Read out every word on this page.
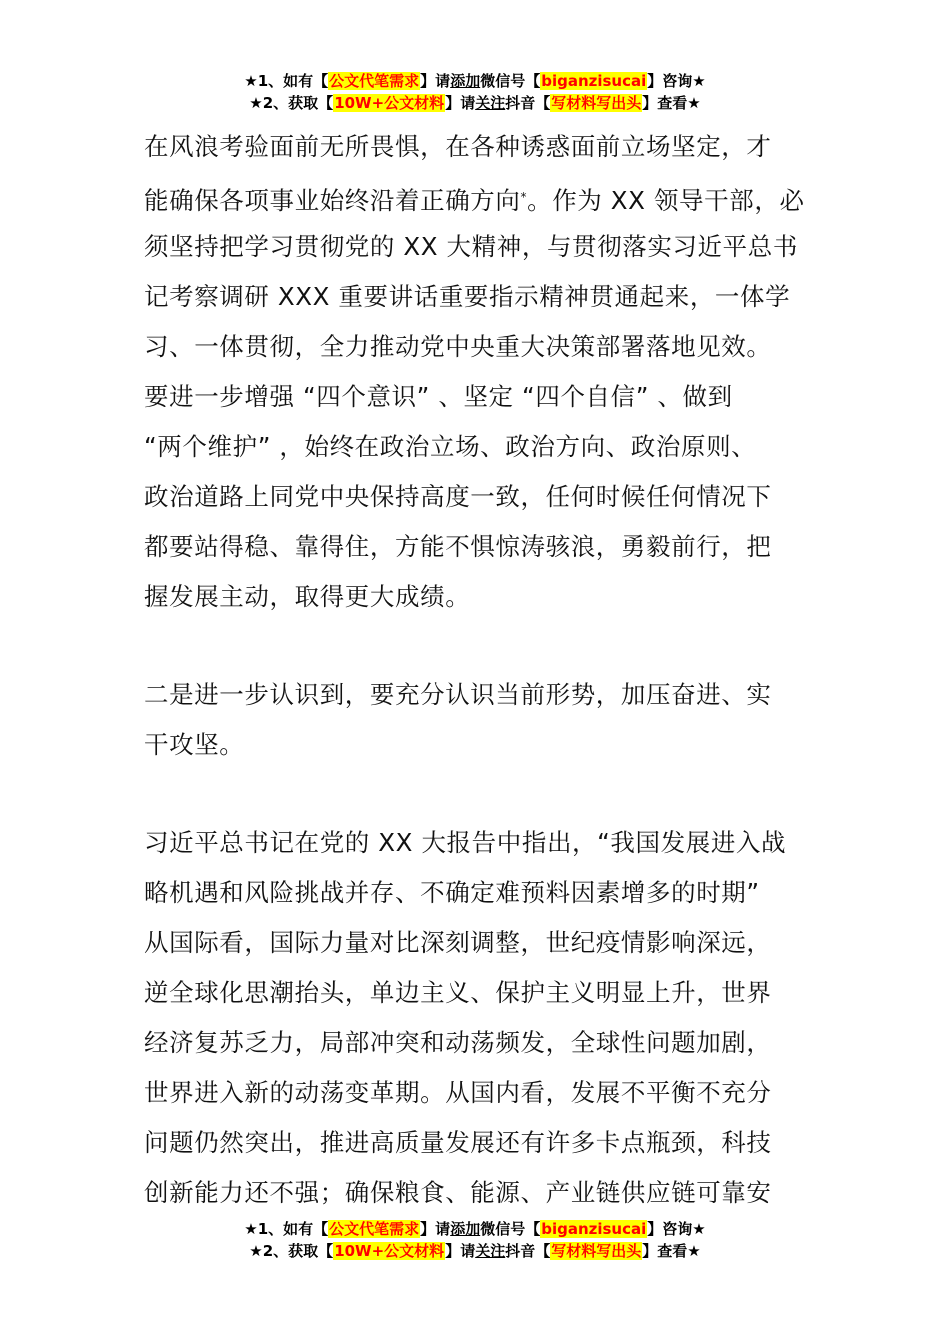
★1、如有【公文代笔需求】请添加微信号【biganzisucai】咨询★
★2、获取【10W+公文材料】请关注抖音【写材料写出头】查看★
在风浪考验面前无所畏惧，在各种诱惑面前立场坚定，才
能确保各项事业始终沿着正确方向*。作为 XX 领导干部，必
须坚持把学习贯彻党的 XX 大精神，与贯彻落实习近平总书
记考察调研 XXX 重要讲话重要指示精神贯通起来，一体学
习、一体贯彻，全力推动党中央重大决策部署落地见效。
要进一步增强 “四个意识” 、坚定 “四个自信” 、做到
“两个维护” ，始终在政治立场、政治方向、政治原则、
政治道路上同党中央保持高度一致，任何时候任何情况下
都要站得稳、靠得住，方能不惧惊涛骇浪，勇毅前行，把
握发展主动，取得更大成绩。
二是进一步认识到，要充分认识当前形势，加压奋进、实
干攻坚。
习近平总书记在党的 XX 大报告中指出，“我国发展进入战
略机遇和风险挑战并存、不确定难预料因素增多的时期”
从国际看，国际力量对比深刻调整，世纪疫情影响深远，
逆全球化思潮抬头，单边主义、保护主义明显上升，世界
经济复苏乏力，局部冲突和动荡频发，全球性问题加剧，
世界进入新的动荡变革期。从国内看，发展不平衡不充分
问题仍然突出，推进高质量发展还有许多卡点瓶颈，科技
创新能力还不强；确保粮食、能源、产业链供应链可靠安
★1、如有【公文代笔需求】请添加微信号【biganzisucai】咨询★
★2、获取【10W+公文材料】请关注抖音【写材料写出头】查看★
